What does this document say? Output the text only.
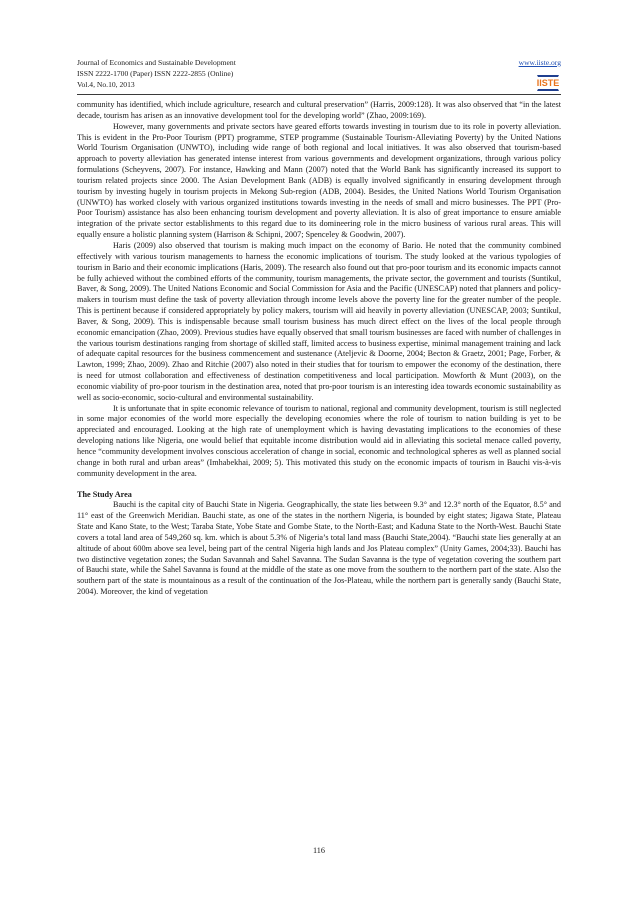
Journal of Economics and Sustainable Development
ISSN 2222-1700 (Paper) ISSN 2222-2855 (Online)
Vol.4, No.10, 2013
www.iiste.org
IISTE

community has identified, which include agriculture, research and cultural preservation” (Harris, 2009:128). It was also observed that “in the latest decade, tourism has arisen as an innovative development tool for the developing world” (Zhao, 2009:169).

However, many governments and private sectors have geared efforts towards investing in tourism due to its role in poverty alleviation. This is evident in the Pro-Poor Tourism (PPT) programme, STEP programme (Sustainable Tourism-Alleviating Poverty) by the United Nations World Tourism Organisation (UNWTO), including wide range of both regional and local initiatives. It was also observed that tourism-based approach to poverty alleviation has generated intense interest from various governments and development organizations, through various policy formulations (Scheyvens, 2007). For instance, Hawking and Mann (2007) noted that the World Bank has significantly increased its support to tourism related projects since 2000. The Asian Development Bank (ADB) is equally involved significantly in ensuring development through tourism by investing hugely in tourism projects in Mekong Sub-region (ADB, 2004). Besides, the United Nations World Tourism Organisation (UNWTO) has worked closely with various organized institutions towards investing in the needs of small and micro businesses. The PPT (Pro-Poor Tourism) assistance has also been enhancing tourism development and poverty alleviation. It is also of great importance to ensure amiable integration of the private sector establishments to this regard due to its domineering role in the micro business of various rural areas. This will equally ensure a holistic planning system (Harrison & Schipni, 2007; Spenceley & Goodwin, 2007).

Haris (2009) also observed that tourism is making much impact on the economy of Bario. He noted that the community combined effectively with various tourism managements to harness the economic implications of tourism. The study looked at the various typologies of tourism in Bario and their economic implications (Haris, 2009). The research also found out that pro-poor tourism and its economic impacts cannot be fully achieved without the combined efforts of the community, tourism managements, the private sector, the government and tourists (Suntikul, Baver, & Song, 2009). The United Nations Economic and Social Commission for Asia and the Pacific (UNESCAP) noted that planners and policy-makers in tourism must define the task of poverty alleviation through income levels above the poverty line for the greater number of the people. This is pertinent because if considered appropriately by policy makers, tourism will aid heavily in poverty alleviation (UNESCAP, 2003; Suntikul, Baver, & Song, 2009). This is indispensable because small tourism business has much direct effect on the lives of the local people through economic emancipation (Zhao, 2009). Previous studies have equally observed that small tourism businesses are faced with number of challenges in the various tourism destinations ranging from shortage of skilled staff, limited access to business expertise, minimal management training and lack of adequate capital resources for the business commencement and sustenance (Ateljevic & Doorne, 2004; Becton & Graetz, 2001; Page, Forber, & Lawton, 1999; Zhao, 2009). Zhao and Ritchie (2007) also noted in their studies that for tourism to empower the economy of the destination, there is need for utmost collaboration and effectiveness of destination competitiveness and local participation. Mowforth & Munt (2003), on the economic viability of pro-poor tourism in the destination area, noted that pro-poor tourism is an interesting idea towards economic sustainability as well as socio-economic, socio-cultural and environmental sustainability.

It is unfortunate that in spite economic relevance of tourism to national, regional and community development, tourism is still neglected in some major economies of the world more especially the developing economies where the role of tourism to nation building is yet to be appreciated and encouraged. Looking at the high rate of unemployment which is having devastating implications to the economies of these developing nations like Nigeria, one would belief that equitable income distribution would aid in alleviating this societal menace called poverty, hence “community development involves conscious acceleration of change in social, economic and technological spheres as well as planned social change in both rural and urban areas” (Imhabekhai, 2009; 5). This motivated this study on the economic impacts of tourism in Bauchi vis-à-vis community development in the area.

The Study Area

Bauchi is the capital city of Bauchi State in Nigeria. Geographically, the state lies between 9.3° and 12.3° north of the Equator, 8.5° and 11° east of the Greenwich Meridian. Bauchi state, as one of the states in the northern Nigeria, is bounded by eight states; Jigawa State, Plateau State and Kano State, to the West; Taraba State, Yobe State and Gombe State, to the North-East; and Kaduna State to the North-West. Bauchi State covers a total land area of 549,260 sq. km. which is about 5.3% of Nigeria’s total land mass (Bauchi State,2004). “Bauchi state lies generally at an altitude of about 600m above sea level, being part of the central Nigeria high lands and Jos Plateau complex” (Unity Games, 2004;33). Bauchi has two distinctive vegetation zones; the Sudan Savannah and Sahel Savanna. The Sudan Savanna is the type of vegetation covering the southern part of Bauchi state, while the Sahel Savanna is found at the middle of the state as one move from the southern to the northern part of the state. Also the southern part of the state is mountainous as a result of the continuation of the Jos-Plateau, while the northern part is generally sandy (Bauchi State, 2004). Moreover, the kind of vegetation

116
